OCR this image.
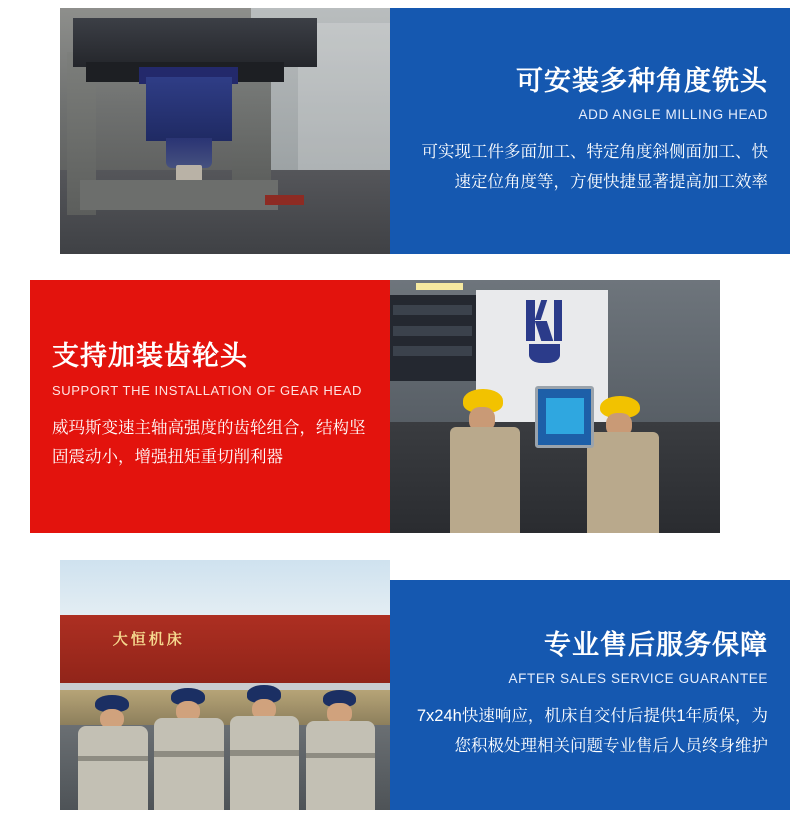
可安装多种角度铣头
ADD ANGLE MILLING HEAD
可实现工件多面加工、特定角度斜侧面加工、快速定位角度等，方便快捷显著提高加工效率
支持加装齿轮头
SUPPORT THE INSTALLATION OF GEAR HEAD
威玛斯变速主轴高强度的齿轮组合，结构坚固震动小，增强扭矩重切削利器
大恒机床	专业售后服务保障
AFTER SALES SERVICE GUARANTEE
7x24h快速响应，机床自交付后提供1年质保，为您积极处理相关问题专业售后人员终身维护
